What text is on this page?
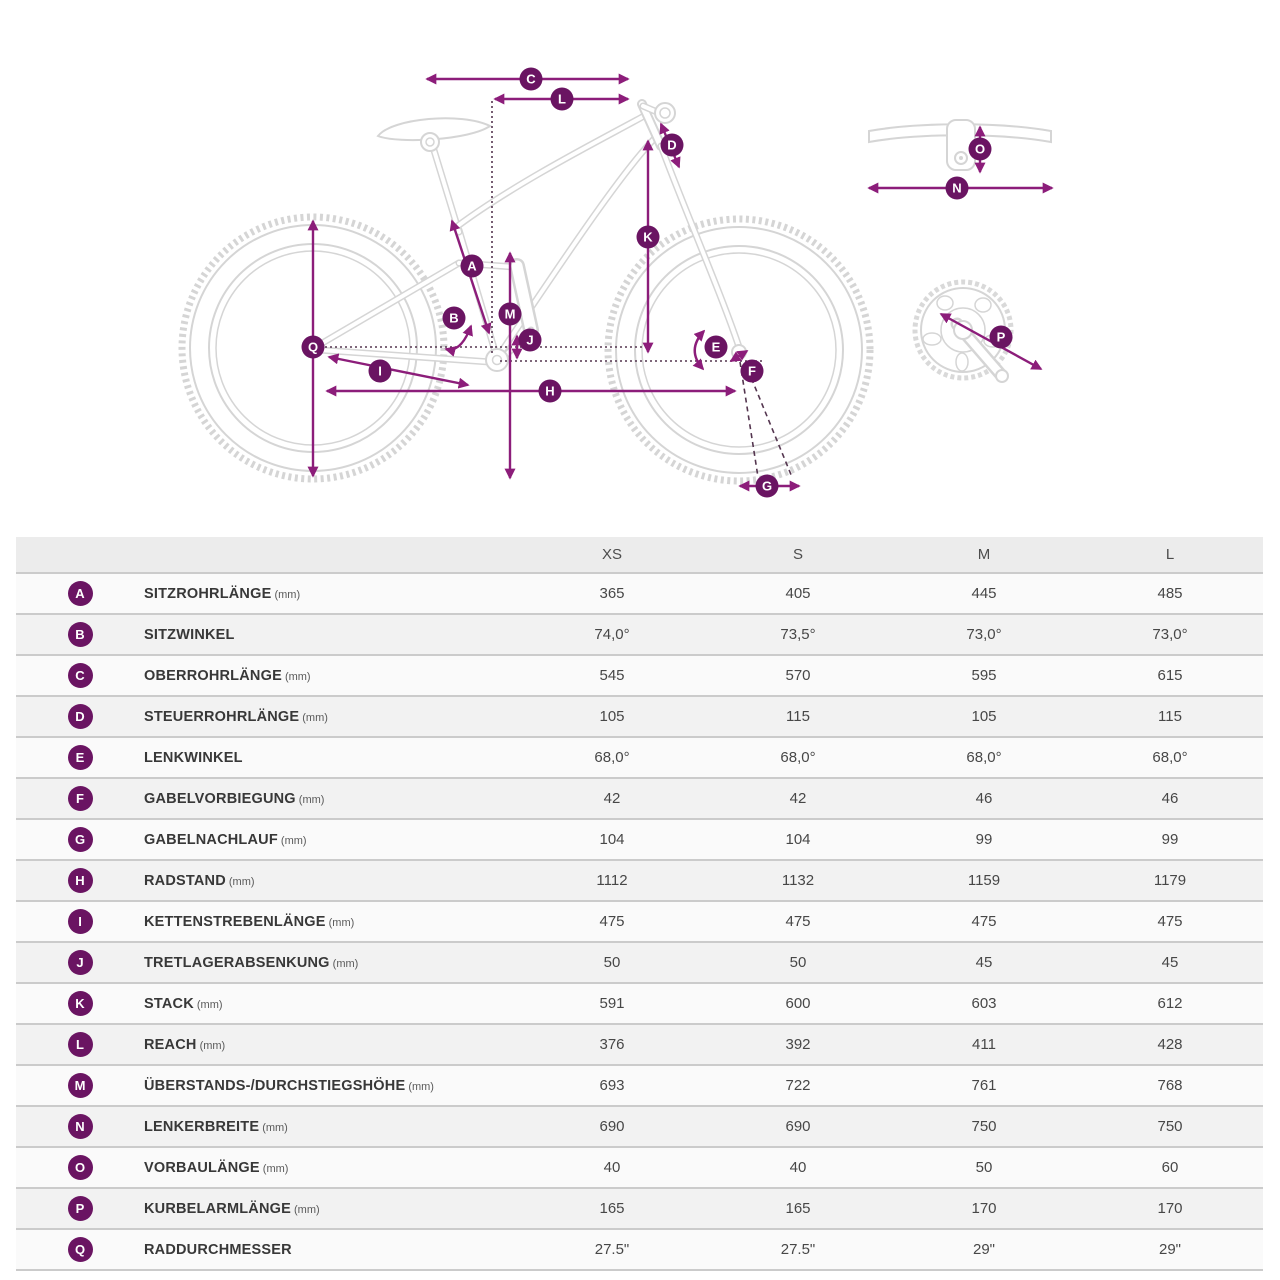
C
L
D
K
A
B	M
J
Q
I
H
E
F
G
N
O
P
		XS	S	M	L
A	SITZROHRLÄNGE (mm)	365	405	445	485
B	SITZWINKEL	74,0°	73,5°	73,0°	73,0°
C	OBERROHRLÄNGE (mm)	545	570	595	615
D	STEUERROHRLÄNGE (mm)	105	115	105	115
E	LENKWINKEL	68,0°	68,0°	68,0°	68,0°
F	GABELVORBIEGUNG (mm)	42	42	46	46
G	GABELNACHLAUF (mm)	104	104	99	99
H	RADSTAND (mm)	1112	1132	1159	1179
I	KETTENSTREBENLÄNGE (mm)	475	475	475	475
J	TRETLAGERABSENKUNG (mm)	50	50	45	45
K	STACK (mm)	591	600	603	612
L	REACH (mm)	376	392	411	428
M	ÜBERSTANDS-/DURCHSTIEGSHÖHE (mm)	693	722	761	768
N	LENKERBREITE (mm)	690	690	750	750
O	VORBAULÄNGE (mm)	40	40	50	60
P	KURBELARMLÄNGE (mm)	165	165	170	170
Q	RADDURCHMESSER	27.5"	27.5"	29"	29"
